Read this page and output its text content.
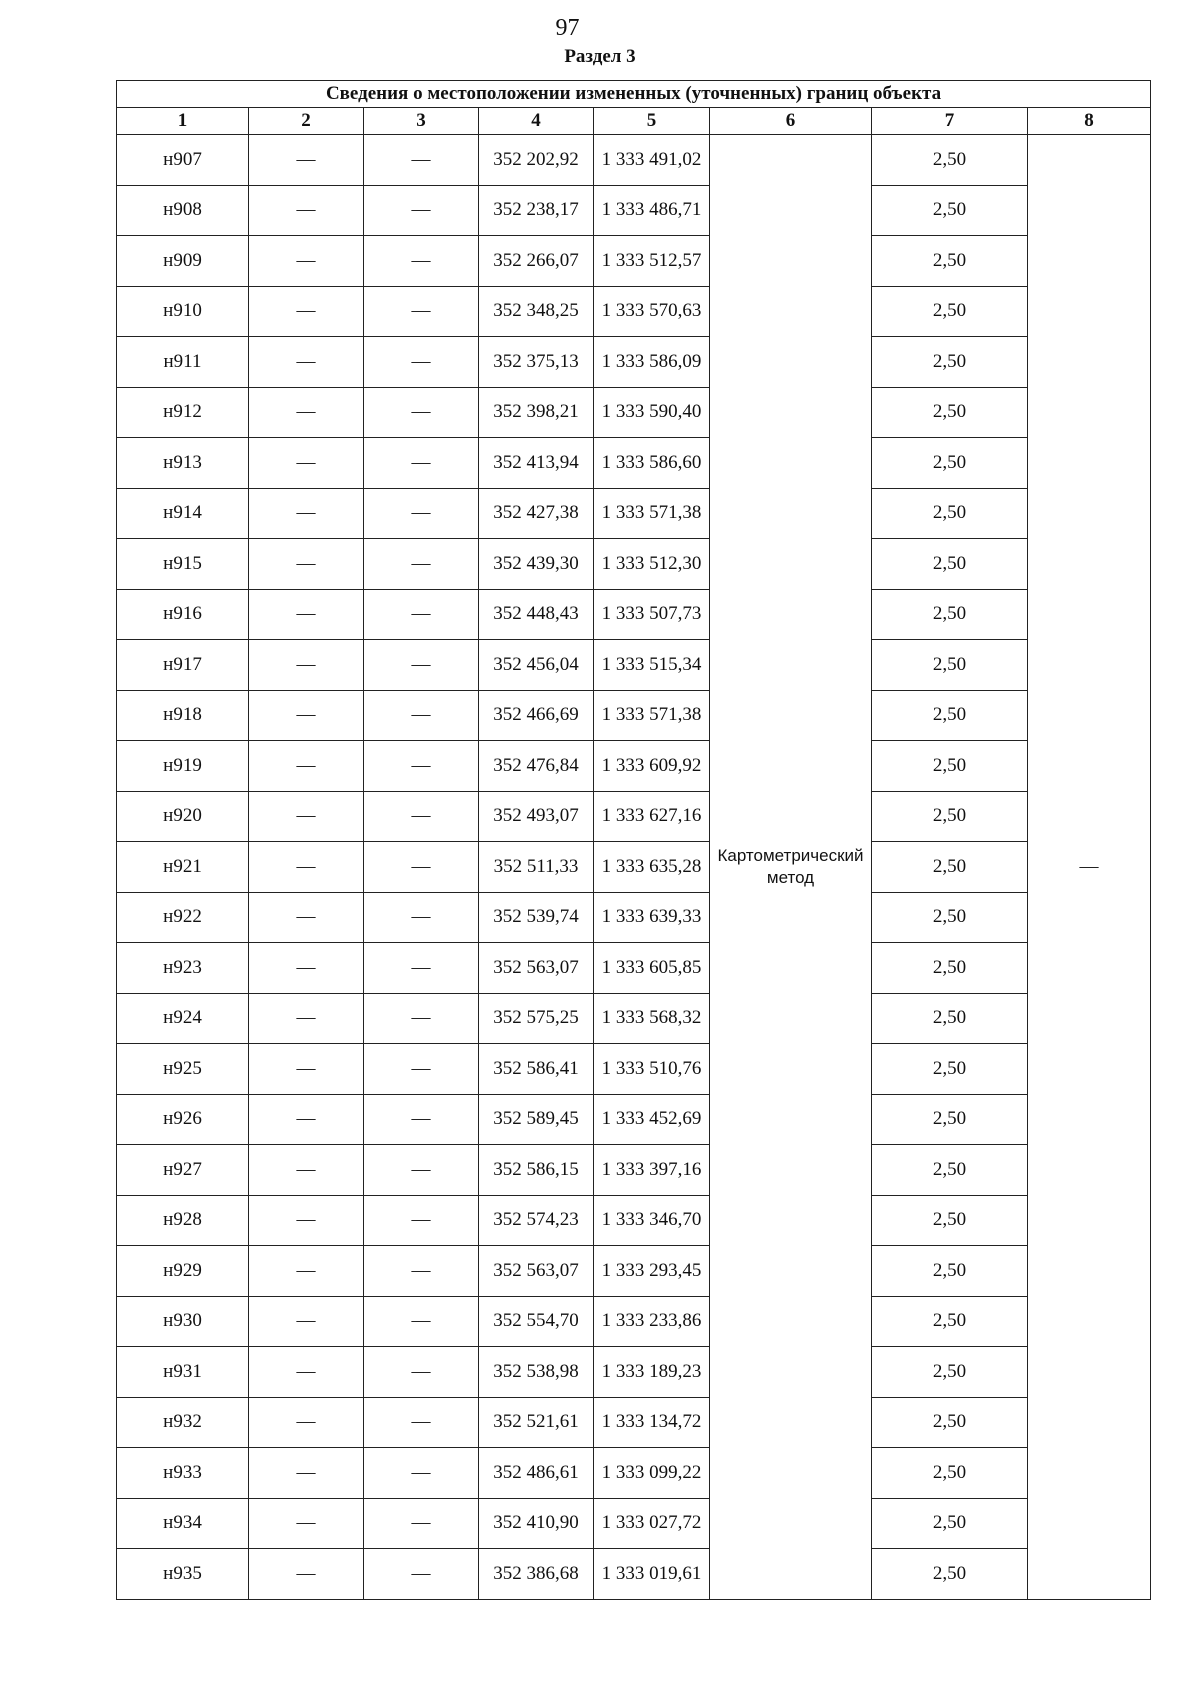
97
Раздел 3
Сведения о местоположении измененных (уточненных) границ объекта							
1	2	3	4	5	6	7	8
н907	—	—	352 202,92	1 333 491,02	Картометрический метод	2,50	—
н908	—	—	352 238,17	1 333 486,71		2,50	
н909	—	—	352 266,07	1 333 512,57		2,50	
н910	—	—	352 348,25	1 333 570,63		2,50	
н911	—	—	352 375,13	1 333 586,09		2,50	
н912	—	—	352 398,21	1 333 590,40		2,50	
н913	—	—	352 413,94	1 333 586,60		2,50	
н914	—	—	352 427,38	1 333 571,38		2,50	
н915	—	—	352 439,30	1 333 512,30		2,50	
н916	—	—	352 448,43	1 333 507,73		2,50	
н917	—	—	352 456,04	1 333 515,34		2,50	
н918	—	—	352 466,69	1 333 571,38		2,50	
н919	—	—	352 476,84	1 333 609,92		2,50	
н920	—	—	352 493,07	1 333 627,16		2,50	
н921	—	—	352 511,33	1 333 635,28		2,50	
н922	—	—	352 539,74	1 333 639,33		2,50	
н923	—	—	352 563,07	1 333 605,85		2,50	
н924	—	—	352 575,25	1 333 568,32		2,50	
н925	—	—	352 586,41	1 333 510,76		2,50	
н926	—	—	352 589,45	1 333 452,69		2,50	
н927	—	—	352 586,15	1 333 397,16		2,50	
н928	—	—	352 574,23	1 333 346,70		2,50	
н929	—	—	352 563,07	1 333 293,45		2,50	
н930	—	—	352 554,70	1 333 233,86		2,50	
н931	—	—	352 538,98	1 333 189,23		2,50	
н932	—	—	352 521,61	1 333 134,72		2,50	
н933	—	—	352 486,61	1 333 099,22		2,50	
н934	—	—	352 410,90	1 333 027,72		2,50	
н935	—	—	352 386,68	1 333 019,61		2,50	
